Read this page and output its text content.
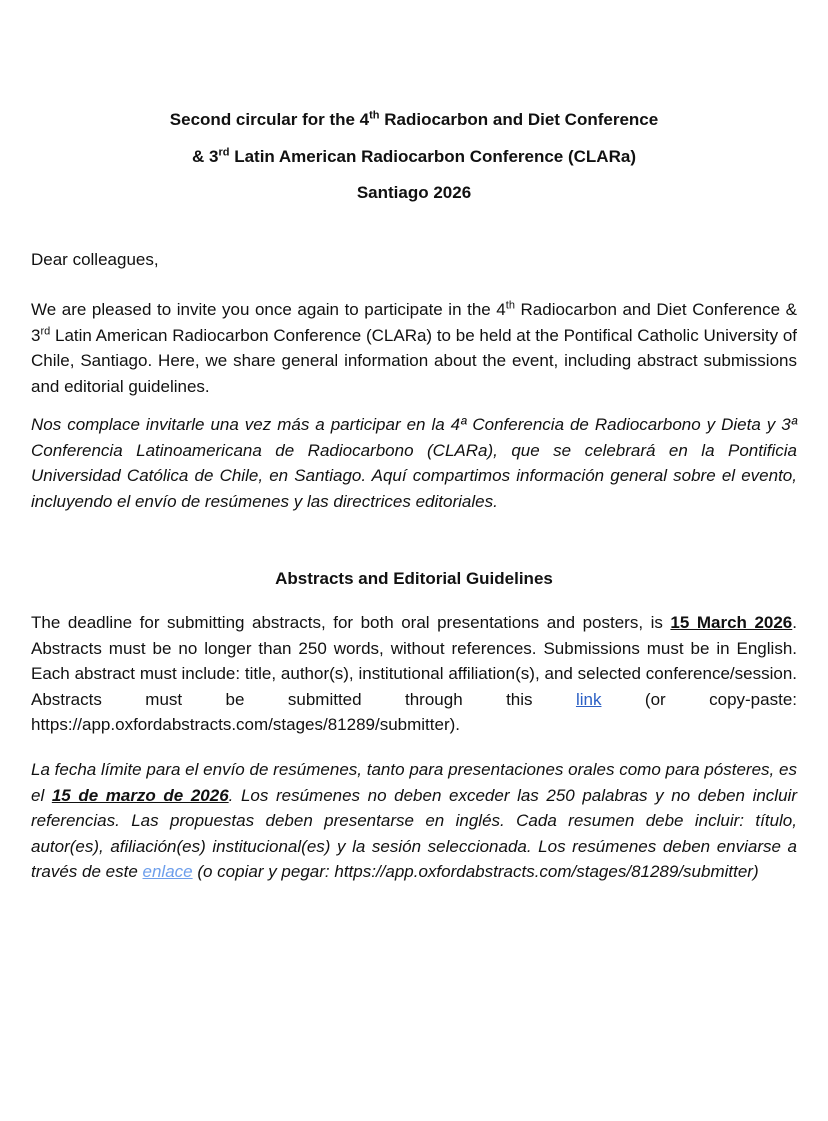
Second circular for the 4th Radiocarbon and Diet Conference
& 3rd Latin American Radiocarbon Conference (CLARa)
Santiago 2026

Dear colleagues,

We are pleased to invite you once again to participate in the 4th Radiocarbon and Diet Conference & 3rd Latin American Radiocarbon Conference (CLARa) to be held at the Pontifical Catholic University of Chile, Santiago. Here, we share general information about the event, including abstract submissions and editorial guidelines.

Nos complace invitarle una vez más a participar en la 4ª Conferencia de Radiocarbono y Dieta y 3ª Conferencia Latinoamericana de Radiocarbono (CLARa), que se celebrará en la Pontificia Universidad Católica de Chile, en Santiago. Aquí compartimos información general sobre el evento, incluyendo el envío de resúmenes y las directrices editoriales.

Abstracts and Editorial Guidelines

The deadline for submitting abstracts, for both oral presentations and posters, is 15 March 2026. Abstracts must be no longer than 250 words, without references. Submissions must be in English. Each abstract must include: title, author(s), institutional affiliation(s), and selected conference/session. Abstracts must be submitted through this link (or copy-paste: https://app.oxfordabstracts.com/stages/81289/submitter).

La fecha límite para el envío de resúmenes, tanto para presentaciones orales como para pósteres, es el 15 de marzo de 2026. Los resúmenes no deben exceder las 250 palabras y no deben incluir referencias. Las propuestas deben presentarse en inglés. Cada resumen debe incluir: título, autor(es), afiliación(es) institucional(es) y la sesión seleccionada. Los resúmenes deben enviarse a través de este enlace (o copiar y pegar: https://app.oxfordabstracts.com/stages/81289/submitter)
